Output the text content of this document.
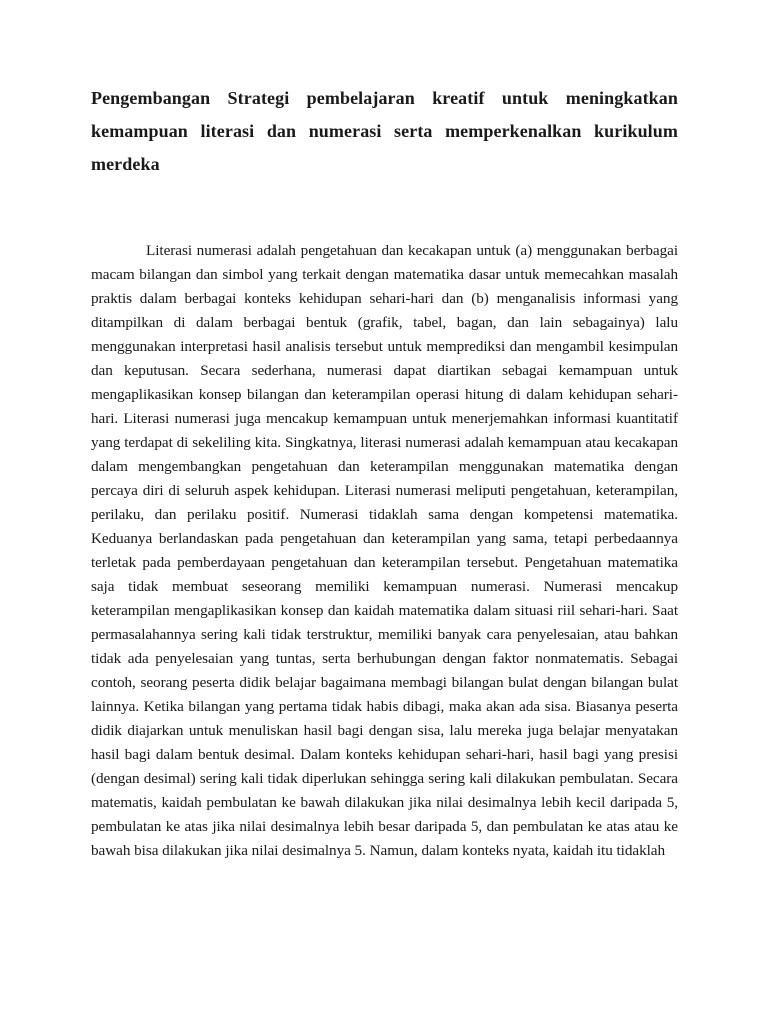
Pengembangan Strategi pembelajaran kreatif untuk meningkatkan kemampuan literasi dan numerasi serta memperkenalkan kurikulum merdeka

Literasi numerasi adalah pengetahuan dan kecakapan untuk (a) menggunakan berbagai macam bilangan dan simbol yang terkait dengan matematika dasar untuk memecahkan masalah praktis dalam berbagai konteks kehidupan sehari-hari dan (b) menganalisis informasi yang ditampilkan di dalam berbagai bentuk (grafik, tabel, bagan, dan lain sebagainya) lalu menggunakan interpretasi hasil analisis tersebut untuk memprediksi dan mengambil kesimpulan dan keputusan. Secara sederhana, numerasi dapat diartikan sebagai kemampuan untuk mengaplikasikan konsep bilangan dan keterampilan operasi hitung di dalam kehidupan sehari-hari. Literasi numerasi juga mencakup kemampuan untuk menerjemahkan informasi kuantitatif yang terdapat di sekeliling kita. Singkatnya, literasi numerasi adalah kemampuan atau kecakapan dalam mengembangkan pengetahuan dan keterampilan menggunakan matematika dengan percaya diri di seluruh aspek kehidupan. Literasi numerasi meliputi pengetahuan, keterampilan, perilaku, dan perilaku positif. Numerasi tidaklah sama dengan kompetensi matematika. Keduanya berlandaskan pada pengetahuan dan keterampilan yang sama, tetapi perbedaannya terletak pada pemberdayaan pengetahuan dan keterampilan tersebut. Pengetahuan matematika saja tidak membuat seseorang memiliki kemampuan numerasi. Numerasi mencakup keterampilan mengaplikasikan konsep dan kaidah matematika dalam situasi riil sehari-hari. Saat permasalahannya sering kali tidak terstruktur, memiliki banyak cara penyelesaian, atau bahkan tidak ada penyelesaian yang tuntas, serta berhubungan dengan faktor nonmatematis. Sebagai contoh, seorang peserta didik belajar bagaimana membagi bilangan bulat dengan bilangan bulat lainnya. Ketika bilangan yang pertama tidak habis dibagi, maka akan ada sisa. Biasanya peserta didik diajarkan untuk menuliskan hasil bagi dengan sisa, lalu mereka juga belajar menyatakan hasil bagi dalam bentuk desimal. Dalam konteks kehidupan sehari-hari, hasil bagi yang presisi (dengan desimal) sering kali tidak diperlukan sehingga sering kali dilakukan pembulatan. Secara matematis, kaidah pembulatan ke bawah dilakukan jika nilai desimalnya lebih kecil daripada 5, pembulatan ke atas jika nilai desimalnya lebih besar daripada 5, dan pembulatan ke atas atau ke bawah bisa dilakukan jika nilai desimalnya 5. Namun, dalam konteks nyata, kaidah itu tidaklah
